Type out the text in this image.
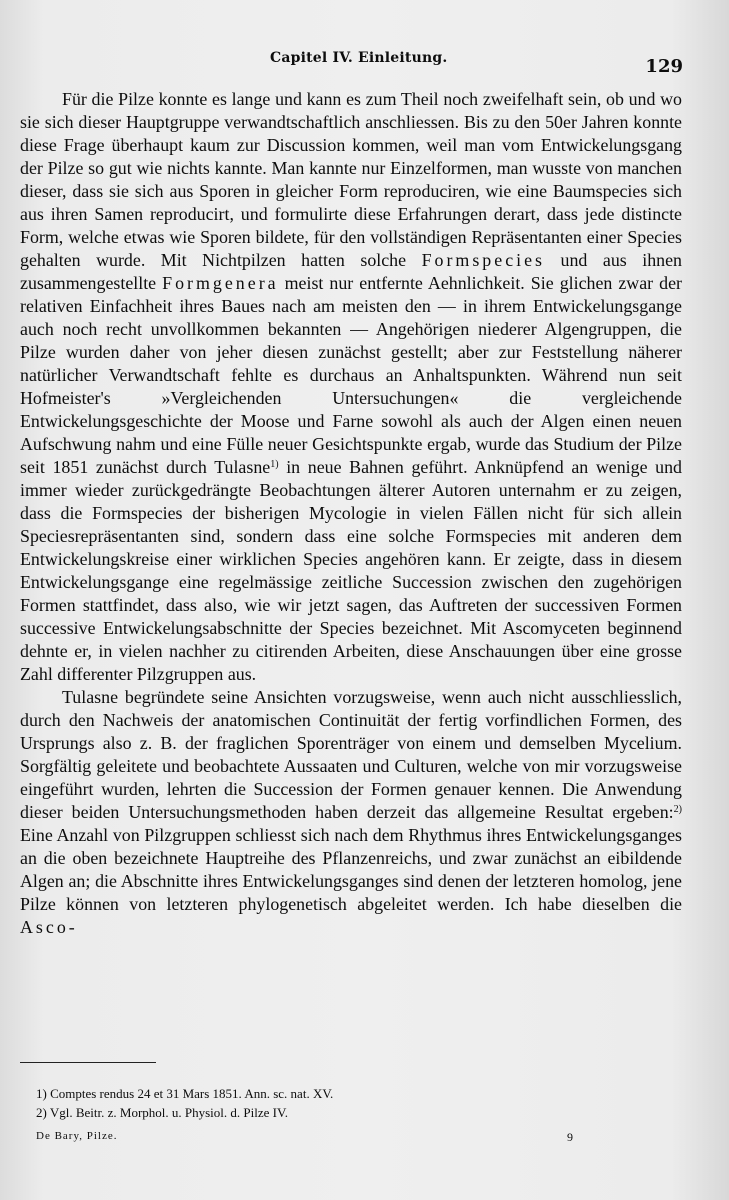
Capitel IV. Einleitung.	129

Für die Pilze konnte es lange und kann es zum Theil noch zweifelhaft sein, ob und wo sie sich dieser Hauptgruppe verwandtschaftlich anschliessen. Bis zu den 50er Jahren konnte diese Frage überhaupt kaum zur Discussion kommen, weil man vom Entwickelungsgang der Pilze so gut wie nichts kannte. Man kannte nur Einzelformen, man wusste von manchen dieser, dass sie sich aus Sporen in gleicher Form reproduciren, wie eine Baumspecies sich aus ihren Samen reproducirt, und formulirte diese Erfahrungen derart, dass jede distincte Form, welche etwas wie Sporen bildete, für den vollständigen Repräsentanten einer Species gehalten wurde. Mit Nichtpilzen hatten solche Formspecies und aus ihnen zusammengestellte Formgenera meist nur entfernte Aehnlichkeit. Sie glichen zwar der relativen Einfachheit ihres Baues nach am meisten den — in ihrem Entwickelungsgange auch noch recht unvollkommen bekannten — Angehörigen niederer Algengruppen, die Pilze wurden daher von jeher diesen zunächst gestellt; aber zur Feststellung näherer natürlicher Verwandtschaft fehlte es durchaus an Anhaltspunkten. Während nun seit Hofmeister's »Vergleichenden Untersuchungen« die vergleichende Entwickelungsgeschichte der Moose und Farne sowohl als auch der Algen einen neuen Aufschwung nahm und eine Fülle neuer Gesichtspunkte ergab, wurde das Studium der Pilze seit 1851 zunächst durch Tulasne$^{1)}$ in neue Bahnen geführt. Anknüpfend an wenige und immer wieder zurückgedrängte Beobachtungen älterer Autoren unternahm er zu zeigen, dass die Formspecies der bisherigen Mycologie in vielen Fällen nicht für sich allein Speciesrepräsentanten sind, sondern dass eine solche Formspecies mit anderen dem Entwickelungskreise einer wirklichen Species angehören kann. Er zeigte, dass in diesem Entwickelungsgange eine regelmässige zeitliche Succession zwischen den zugehörigen Formen stattfindet, dass also, wie wir jetzt sagen, das Auftreten der successiven Formen successive Entwickelungsabschnitte der Species bezeichnet. Mit Ascomyceten beginnend dehnte er, in vielen nachher zu citirenden Arbeiten, diese Anschauungen über eine grosse Zahl differenter Pilzgruppen aus.

Tulasne begründete seine Ansichten vorzugsweise, wenn auch nicht ausschliesslich, durch den Nachweis der anatomischen Continuität der fertig vorfindlichen Formen, des Ursprungs also z. B. der fraglichen Sporenträger von einem und demselben Mycelium. Sorgfältig geleitete und beobachtete Aussaaten und Culturen, welche von mir vorzugsweise eingeführt wurden, lehrten die Succession der Formen genauer kennen. Die Anwendung dieser beiden Untersuchungsmethoden haben derzeit das allgemeine Resultat ergeben:$^{2)}$ Eine Anzahl von Pilzgruppen schliesst sich nach dem Rhythmus ihres Entwickelungsganges an die oben bezeichnete Hauptreihe des Pflanzenreichs, und zwar zunächst an eibildende Algen an; die Abschnitte ihres Entwickelungsganges sind denen der letzteren homolog, jene Pilze können von letzteren phylogenetisch abgeleitet werden. Ich habe dieselben die Asco-

1) Comptes rendus 24 et 31 Mars 1851. Ann. sc. nat. XV.
2) Vgl. Beitr. z. Morphol. u. Physiol. d. Pilze IV.
De Bary, Pilze.	9
